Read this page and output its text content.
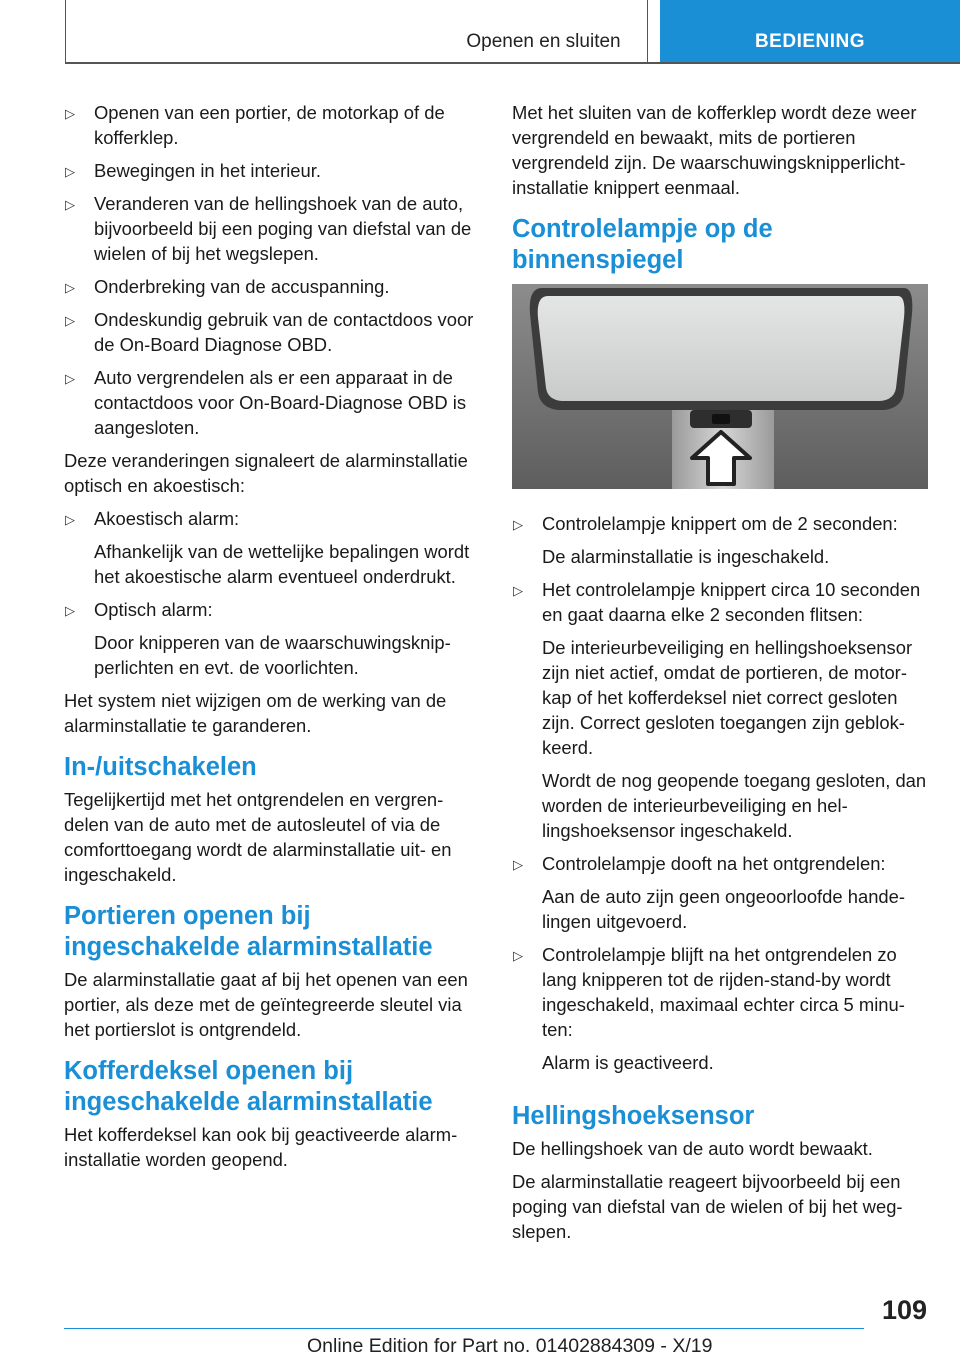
Openen en sluiten	BEDIENING
▷ Openen van een portier, de motorkap of de kofferklep.
▷ Bewegingen in het interieur.
▷ Veranderen van de hellingshoek van de auto, bijvoorbeeld bij een poging van diefstal van de wielen of bij het wegslepen.
▷ Onderbreking van de accuspanning.
▷ Ondeskundig gebruik van de contactdoos voor de On-Board Diagnose OBD.
▷ Auto vergrendelen als er een apparaat in de contactdoos voor On-Board-Diagnose OBD is aangesloten.

Deze veranderingen signaleert de alarminstallatie optisch en akoestisch:

▷ Akoestisch alarm:
Afhankelijk van de wettelijke bepalingen wordt het akoestische alarm eventueel onderdrukt.
▷ Optisch alarm:
Door knipperen van de waarschuwingsknipperlichten en evt. de voorlichten.

Het system niet wijzigen om de werking van de alarminstallatie te garanderen.

In-/uitschakelen

Tegelijkertijd met het ontgrendelen en vergrendelen van de auto met de autosleutel of via de comforttoegang wordt de alarminstallatie uit- en ingeschakeld.

Portieren openen bij ingeschakelde alarminstallatie

De alarminstallatie gaat af bij het openen van een portier, als deze met de geïntegreerde sleutel via het portierslot is ontgrendeld.

Kofferdeksel openen bij ingeschakelde alarminstallatie

Het kofferdeksel kan ook bij geactiveerde alarminstallatie worden geopend.

Met het sluiten van de kofferklep wordt deze weer vergrendeld en bewaakt, mits de portieren vergrendeld zijn. De waarschuwingsknipperlichtinstallatie knippert eenmaal.

Controlelampje op de binnenspiegel
▷ Controlelampje knippert om de 2 seconden:
De alarminstallatie is ingeschakeld.
▷ Het controlelampje knippert circa 10 seconden en gaat daarna elke 2 seconden flitsen:
De interieurbeveiliging en hellingshoeksensor zijn niet actief, omdat de portieren, de motorkap of het kofferdeksel niet correct gesloten zijn. Correct gesloten toegangen zijn geblokkeerd.
Wordt de nog geopende toegang gesloten, dan worden de interieurbeveiliging en hellingshoeksensor ingeschakeld.
▷ Controlelampje dooft na het ontgrendelen:
Aan de auto zijn geen ongeoorloofde handelingen uitgevoerd.
▷ Controlelampje blijft na het ontgrendelen zo lang knipperen tot de rijden-stand-by wordt ingeschakeld, maximaal echter circa 5 minuten:
Alarm is geactiveerd.
Hellingshoeksensor

De hellingshoek van de auto wordt bewaakt.

De alarminstallatie reageert bijvoorbeeld bij een poging van diefstal van de wielen of bij het wegslepen.

109
Online Edition for Part no. 01402884309 - X/19
